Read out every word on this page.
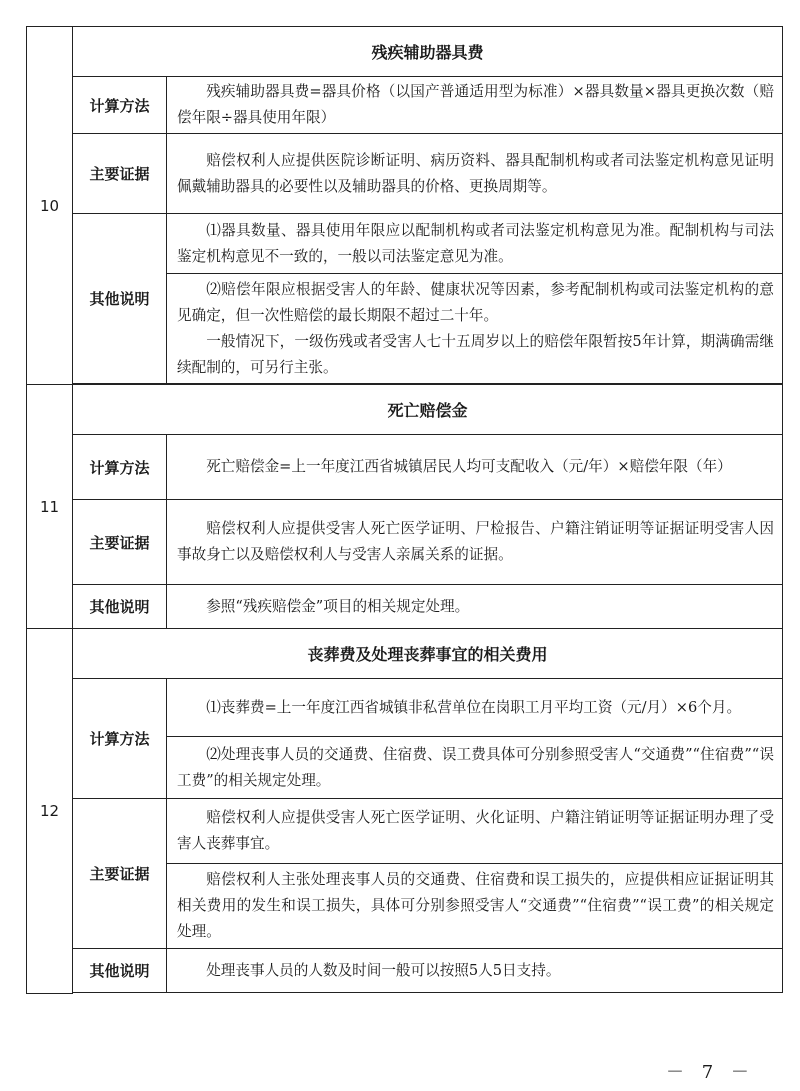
10	残疾辅助器具费	
	计算方法	残疾辅助器具费=器具价格（以国产普通适用型为标准）×器具数量×器具更换次数（赔偿年限÷器具使用年限）

	主要证据	赔偿权利人应提供医院诊断证明、病历资料、器具配制机构或者司法鉴定机构意见证明佩戴辅助器具的必要性以及辅助器具的价格、更换周期等。

	其他说明	⑴器具数量、器具使用年限应以配制机构或者司法鉴定机构意见为准。配制机构与司法鉴定机构意见不一致的，一般以司法鉴定意见为准。

		⑵赔偿年限应根据受害人的年龄、健康状况等因素，参考配制机构或司法鉴定机构的意见确定，但一次性赔偿的最长期限不超过二十年。

一般情况下，一级伤残或者受害人七十五周岁以上的赔偿年限暂按5年计算，期满确需继续配制的，可另行主张。

11	死亡赔偿金	
	计算方法	死亡赔偿金=上一年度江西省城镇居民人均可支配收入（元/年）×赔偿年限（年）

	主要证据	赔偿权利人应提供受害人死亡医学证明、尸检报告、户籍注销证明等证据证明受害人因事故身亡以及赔偿权利人与受害人亲属关系的证据。

	其他说明	参照“残疾赔偿金”项目的相关规定处理。

12	丧葬费及处理丧葬事宜的相关费用	
	计算方法	⑴丧葬费=上一年度江西省城镇非私营单位在岗职工月平均工资（元/月）×6个月。

		⑵处理丧事人员的交通费、住宿费、误工费具体可分别参照受害人“交通费”“住宿费”“误工费”的相关规定处理。

	主要证据	赔偿权利人应提供受害人死亡医学证明、火化证明、户籍注销证明等证据证明办理了受害人丧葬事宜。

		赔偿权利人主张处理丧事人员的交通费、住宿费和误工损失的，应提供相应证据证明其相关费用的发生和误工损失，具体可分别参照受害人“交通费”“住宿费”“误工费”的相关规定处理。

	其他说明	处理丧事人员的人数及时间一般可以按照5人5日支持。

－ 7 －
